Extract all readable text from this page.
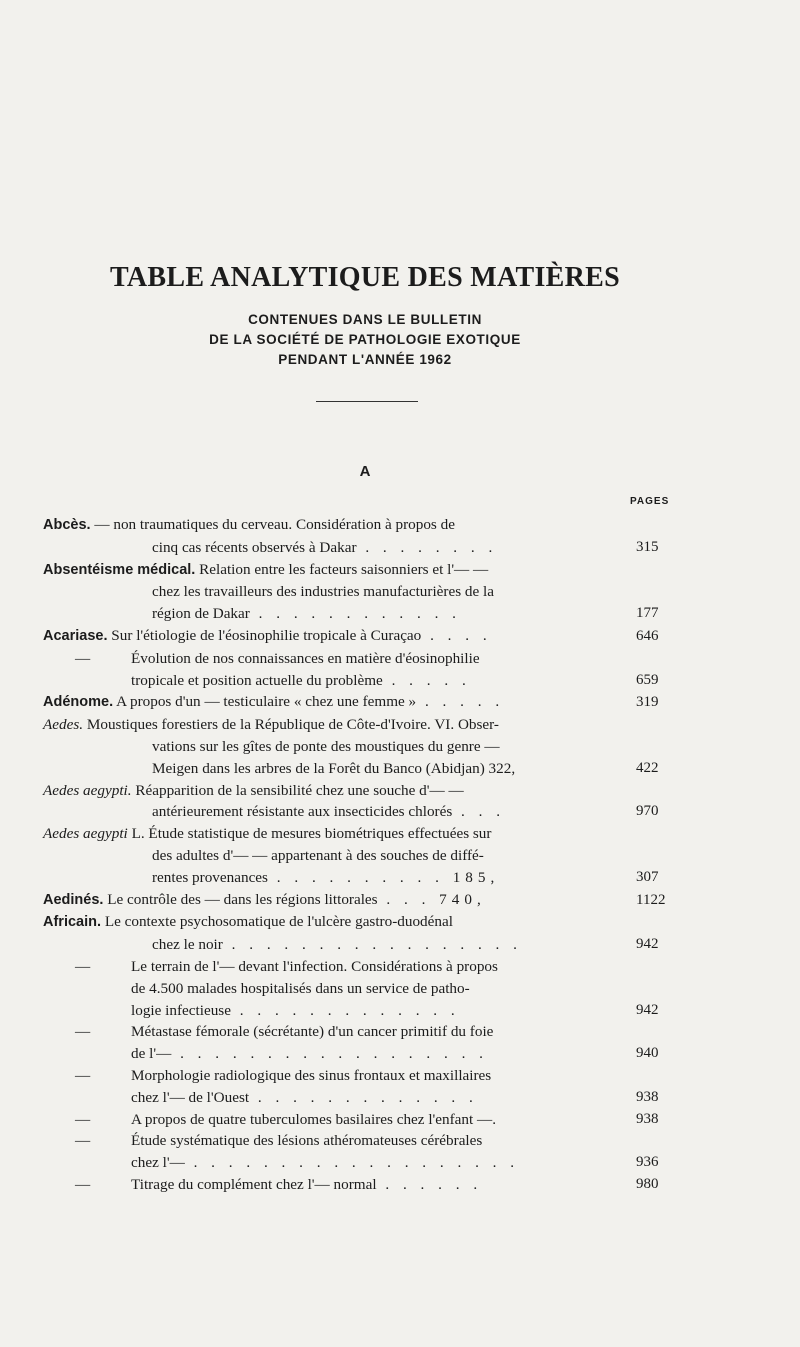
TABLE ANALYTIQUE DES MATIÈRES

CONTENUES DANS LE BULLETIN

DE LA SOCIÉTÉ DE PATHOLOGIE EXOTIQUE

PENDANT L'ANNÉE 1962

A

PAGES
Abcès. — non traumatiques du cerveau. Considération à propos de
cinq cas récents observés à Dakar . . . . . . . .	315
Absentéisme médical. Relation entre les facteurs saisonniers et l'— —
chez les travailleurs des industries manufacturières de la
région de Dakar . . . . . . . . . . . .	177
Acariase. Sur l'étiologie de l'éosinophilie tropicale à Curaçao . . . .	646
—	Évolution de nos connaissances en matière d'éosinophilie
tropicale et position actuelle du problème . . . . .	659
Adénome. A propos d'un — testiculaire « chez une femme » . . . . .	319
Aedes. Moustiques forestiers de la République de Côte-d'Ivoire. VI. Obser-
vations sur les gîtes de ponte des moustiques du genre —
Meigen dans les arbres de la Forêt du Banco (Abidjan) 322,	422
Aedes aegypti. Réapparition de la sensibilité chez une souche d'— —
antérieurement résistante aux insecticides chlorés . . .	970
Aedes aegypti L. Étude statistique de mesures biométriques effectuées sur
des adultes d'— — appartenant à des souches de diffé-
rentes provenances . . . . . . . . . . 185,	307
Aedinés. Le contrôle des — dans les régions littorales . . . 740,	1122
Africain. Le contexte psychosomatique de l'ulcère gastro-duodénal
chez le noir . . . . . . . . . . . . . . . . .	942
—	Le terrain de l'— devant l'infection. Considérations à propos
de 4.500 malades hospitalisés dans un service de patho-
logie infectieuse . . . . . . . . . . . . .	942
—	Métastase fémorale (sécrétante) d'un cancer primitif du foie
de l'— . . . . . . . . . . . . . . . . . .	940
—	Morphologie radiologique des sinus frontaux et maxillaires
chez l'— de l'Ouest . . . . . . . . . . . . .	938
—	A propos de quatre tuberculomes basilaires chez l'enfant —.	938
—	Étude systématique des lésions athéromateuses cérébrales
chez l'— . . . . . . . . . . . . . . . . . . .	936
—	Titrage du complément chez l'— normal . . . . . .	980
